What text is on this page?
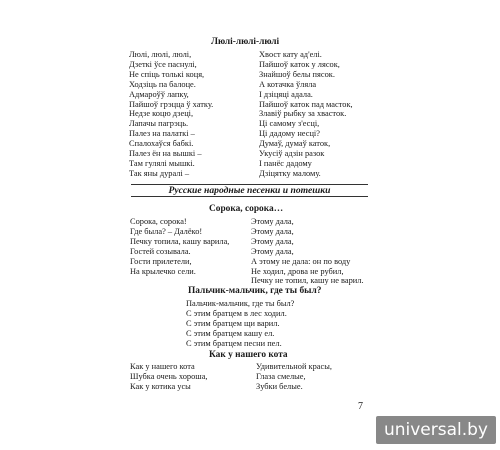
Люлі-люлі-люлі
Люлі, люлі, люлі,
Дзеткі ўсе паснулі,
Не спіць толькі коця,
Ходзіць па балоце.
Адмароўў лапку,
Пайшоў грэцца ў хатку.
Недзе коцю дзеці,
Лапачы пагрэць.
Палез на палаткі –
Спалохаўся бабкі.
Палез ён на вышкі –
Там гулялі мышкі.
Так яны дуралі –
Хвост кату ад'елі.
Пайшоў каток у лясок,
Знайшоў белы пясок.
А котачка ўляла
І дзіцяці адала.
Пайшоў каток пад масток,
Злавіў рыбку за хвасток.
Ці самому з'есці,
Ці дадому несці?
Думаў, думаў каток,
Укусіў адзін разок
І панёс дадому
Дзіцятку малому.
Русские народные песенки и потешки
Сорока, сорока…
Сорока, сорока!
Где была? – Далёко!
Печку топила, кашу варила,
Гостей созывала.
Гости прилетели,
На крылечко сели.
Этому дала,
Этому дала,
Этому дала,
Этому дала,
А этому не дала: он по воду
Не ходил, дрова не рубил,
Печку не топил, кашу не варил.
Пальчик-мальчик, где ты был?
Пальчик-мальчик, где ты был?
С этим братцем в лес ходил.
С этим братцем щи варил.
С этим братцем кашу ел.
С этим братцем песни пел.
Как у нашего кота
Как у нашего кота
Шубка очень хороша,
Как у котика усы
Удивительной красы,
Глаза смелые,
Зубки белые.
7
universal.by
